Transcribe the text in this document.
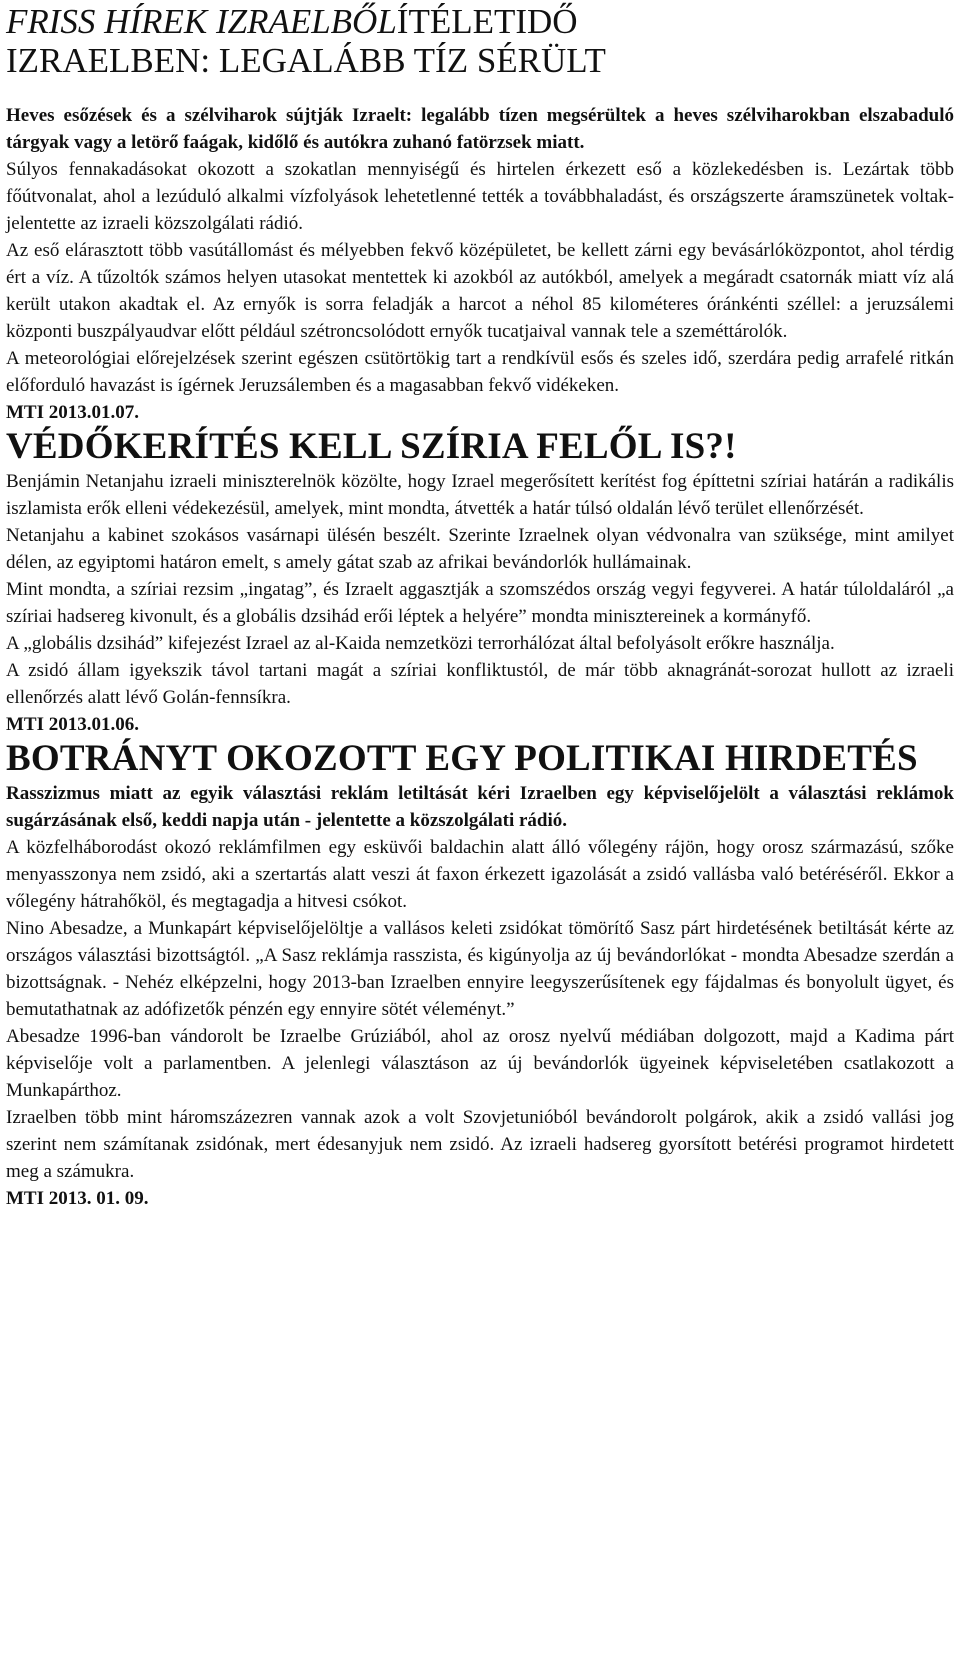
FRISS HÍREK IZRAELBŐLÍTÉLETIDŐ
IZRAELBEN: LEGALÁBB TÍZ SÉRÜLT

Heves esőzések és a szélviharok sújtják Izraelt: legalább tízen megsérültek a heves szélviharokban elszabaduló tárgyak vagy a letörő faágak, kidőlő és autókra zuhanó fatörzsek miatt.

Súlyos fennakadásokat okozott a szokatlan mennyiségű és hirtelen érkezett eső a közlekedésben is. Lezártak több főútvonalat, ahol a lezúduló alkalmi vízfolyások lehetetlenné tették a továbbhaladást, és országszerte áramszünetek voltak- jelentette az izraeli közszolgálati rádió.

Az eső elárasztott több vasútállomást és mélyebben fekvő középületet, be kellett zárni egy bevásárlóközpontot, ahol térdig ért a víz. A tűzoltók számos helyen utasokat mentettek ki azokból az autókból, amelyek a megáradt csatornák miatt víz alá került utakon akadtak el. Az ernyők is sorra feladják a harcot a néhol 85 kilométeres óránkénti széllel: a jeruzsálemi központi buszpályaudvar előtt például szétroncsolódott ernyők tucatjaival vannak tele a szeméttárolók.

A meteorológiai előrejelzések szerint egészen csütörtökig tart a rendkívül esős és szeles idő, szerdára pedig arrafelé ritkán előforduló havazást is ígérnek Jeruzsálemben és a magasabban fekvő vidékeken.

MTI 2013.01.07.

VÉDŐKERÍTÉS KELL SZÍRIA FELŐL IS?!

Benjámin Netanjahu izraeli miniszterelnök közölte, hogy Izrael megerősített kerítést fog építtetni szíriai határán a radikális iszlamista erők elleni védekezésül, amelyek, mint mondta, átvették a határ túlsó oldalán lévő terület ellenőrzését.

Netanjahu a kabinet szokásos vasárnapi ülésén beszélt. Szerinte Izraelnek olyan védvonalra van szüksége, mint amilyet délen, az egyiptomi határon emelt, s amely gátat szab az afrikai bevándorlók hullámainak.

Mint mondta, a szíriai rezsim „ingatag”, és Izraelt aggasztják a szomszédos ország vegyi fegyverei. A határ túloldaláról „a szíriai hadsereg kivonult, és a globális dzsihád erői léptek a helyére” mondta minisztereinek a kormányfő.

A „globális dzsihád” kifejezést Izrael az al-Kaida nemzetközi terrorhálózat által befolyásolt erőkre használja.

A zsidó állam igyekszik távol tartani magát a szíriai konfliktustól, de már több aknagránát-sorozat hullott az izraeli ellenőrzés alatt lévő Golán-fennsíkra.

MTI 2013.01.06.

BOTRÁNYT OKOZOTT EGY POLITIKAI HIRDETÉS

Rasszizmus miatt az egyik választási reklám letiltását kéri Izraelben egy képviselőjelölt a választási reklámok sugárzásának első, keddi napja után - jelentette a közszolgálati rádió.

A közfelháborodást okozó reklámfilmen egy esküvői baldachin alatt álló vőlegény rájön, hogy orosz származású, szőke menyasszonya nem zsidó, aki a szertartás alatt veszi át faxon érkezett igazolását a zsidó vallásba való betéréséről. Ekkor a vőlegény hátrahőköl, és megtagadja a hitvesi csókot.

Nino Abesadze, a Munkapárt képviselőjelöltje a vallásos keleti zsidókat tömörítő Sasz párt hirdetésének betiltását kérte az országos választási bizottságtól. „A Sasz reklámja rasszista, és kigúnyolja az új bevándorlókat - mondta Abesadze szerdán a bizottságnak. - Nehéz elképzelni, hogy 2013-ban Izraelben ennyire leegyszerűsítenek egy fájdalmas és bonyolult ügyet, és bemutathatnak az adófizetők pénzén egy ennyire sötét véleményt.”

Abesadze 1996-ban vándorolt be Izraelbe Grúziából, ahol az orosz nyelvű médiában dolgozott, majd a Kadima párt képviselője volt a parlamentben. A jelenlegi választáson az új bevándorlók ügyeinek képviseletében csatlakozott a Munkapárthoz.

Izraelben több mint háromszázezren vannak azok a volt Szovjetunióból bevándorolt polgárok, akik a zsidó vallási jog szerint nem számítanak zsidónak, mert édesanyjuk nem zsidó. Az izraeli hadsereg gyorsított betérési programot hirdetett meg a számukra.

MTI 2013. 01. 09.
